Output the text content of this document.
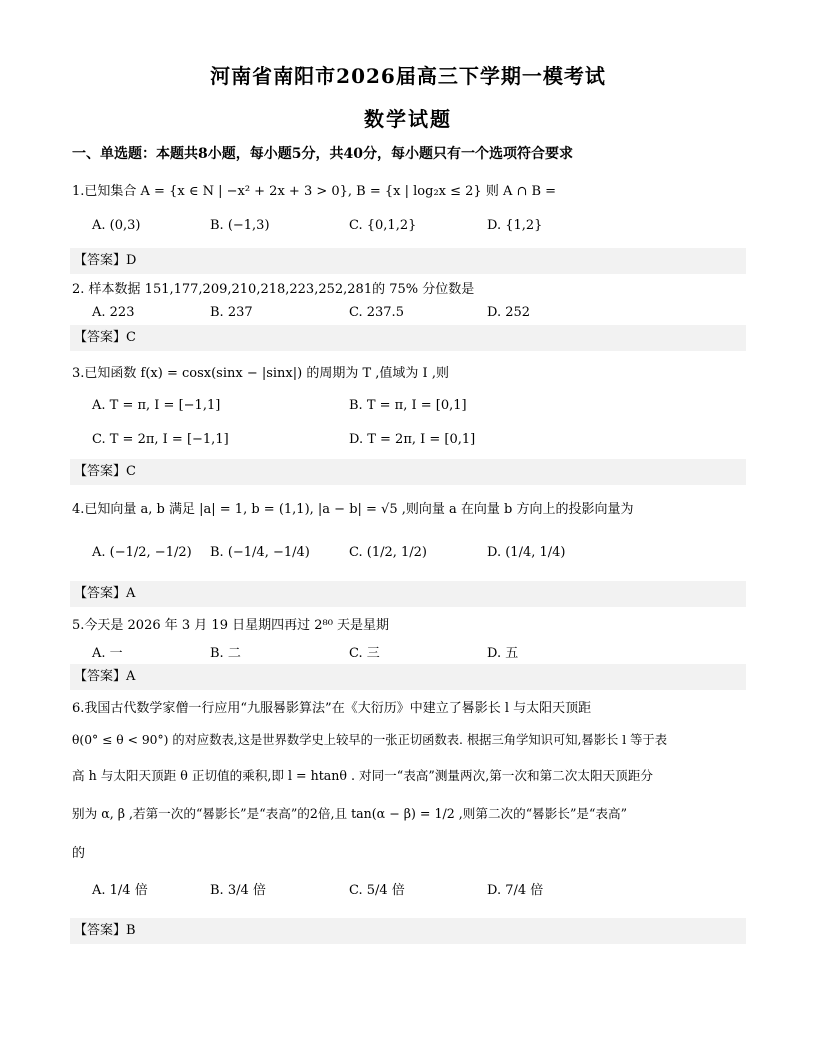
河南省南阳市2026届高三下学期一模考试
数学试题
一、单选题：本题共8小题，每小题5分，共40分，每小题只有一个选项符合要求
1.已知集合 A = {x ∈ N | −x² + 2x + 3 > 0}, B = {x | log₂x ≤ 2} 则 A ∩ B =
A. (0,3)	B. (−1,3)	C. {0,1,2}	D. {1,2}
【答案】D
2. 样本数据 151,177,209,210,218,223,252,281的 75% 分位数是
A. 223	B. 237	C. 237.5	D. 252
【答案】C
3.已知函数 f(x) = cosx(sinx − |sinx|) 的周期为 T ,值域为 I ,则
A. T = π, I = [−1,1]	B. T = π, I = [0,1]
C. T = 2π, I = [−1,1]	D. T = 2π, I = [0,1]
【答案】C
4.已知向量 a, b 满足 |a| = 1, b = (1,1), |a − b| = √5 ,则向量 a 在向量 b 方向上的投影向量为
A. (−1/2, −1/2) B. (−1/4, −1/4)	C. (1/2, 1/2)	D. (1/4, 1/4)
【答案】A
5.今天是 2026 年 3 月 19 日星期四再过 2⁸⁰ 天是星期
A. 一	B. 二	C. 三	D. 五
【答案】A
6.我国古代数学家僧一行应用“九服晷影算法”在《大衍历》中建立了晷影长 l 与太阳天顶距
θ(0° ≤ θ < 90°) 的对应数表,这是世界数学史上较早的一张正切函数表. 根据三角学知识可知,晷影长 l 等于表
高 h 与太阳天顶距 θ 正切值的乘积,即 l = htanθ . 对同一“表高”测量两次,第一次和第二次太阳天顶距分
别为 α, β ,若第一次的“晷影长”是“表高”的2倍,且 tan(α − β) = 1/2 ,则第二次的“晷影长”是“表高”
的
A. 1/4 倍	B. 3/4 倍	C. 5/4 倍	D. 7/4 倍
【答案】B
